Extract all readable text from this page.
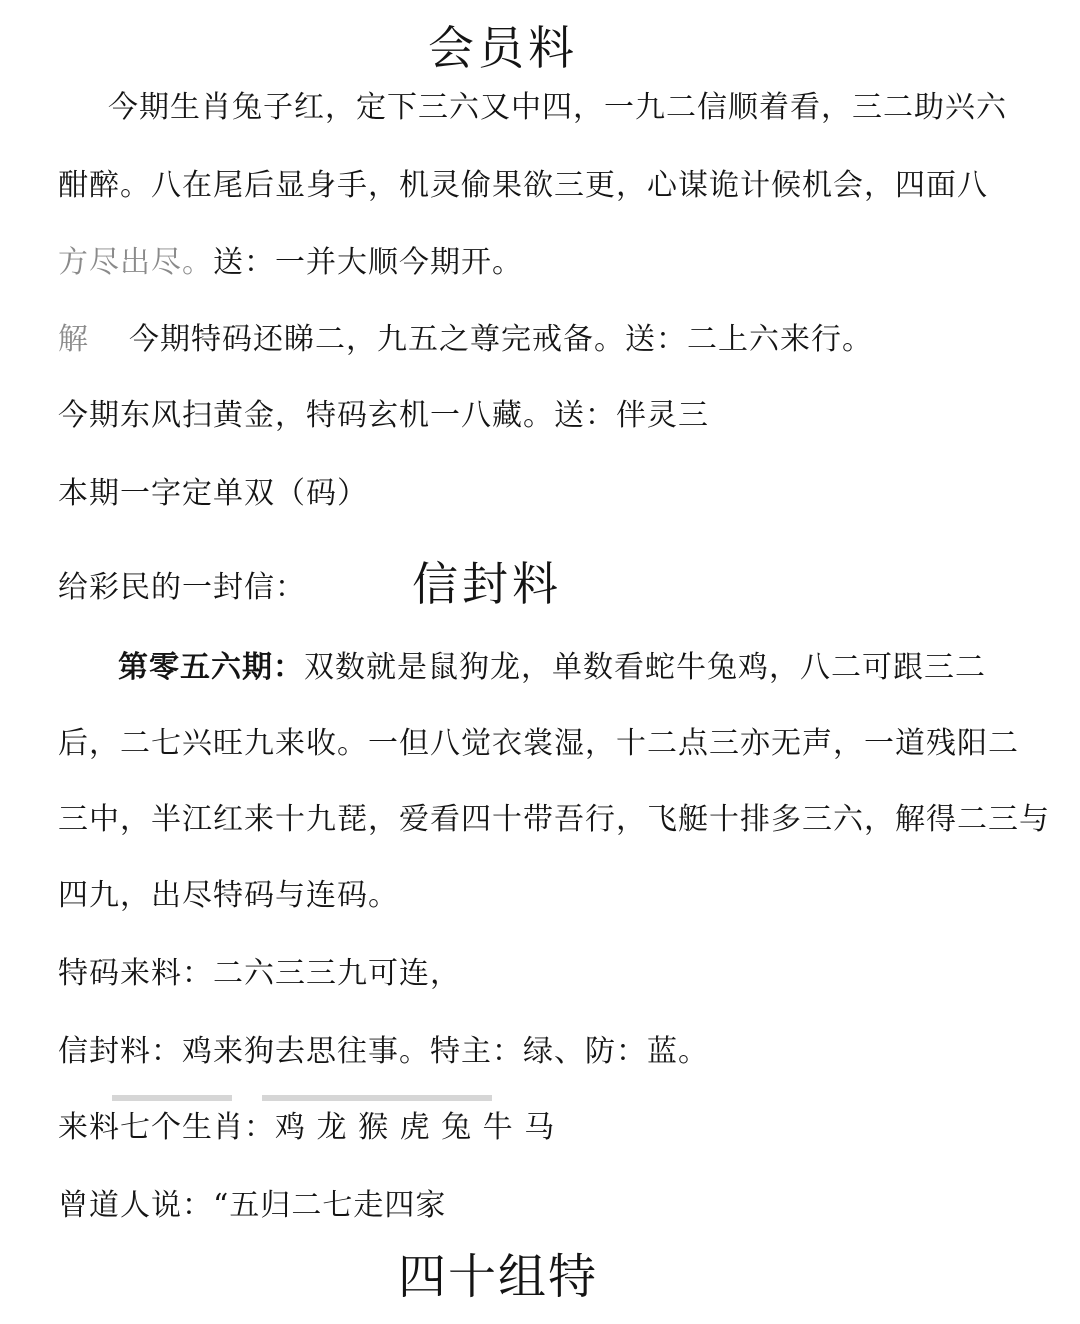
会员料
今期生肖兔子红，定下三六又中四，一九二信顺着看，三二助兴六
酣醉。八在尾后显身手，机灵偷果欲三更，心谋诡计候机会，四面八
方尽出尽。送：一并大顺今期开。
解 今期特码还睇二，九五之尊完戒备。送：二上六来行。
今期东风扫黄金，特码玄机一八藏。送：伴灵三
本期一字定单双（码）
给彩民的一封信： 信封料
第零五六期：双数就是鼠狗龙，单数看蛇牛兔鸡，八二可跟三二
后，二七兴旺九来收。一但八觉衣裳湿，十二点三亦无声，一道残阳二
三中，半江红来十九琵，爱看四十带吾行，飞艇十排多三六，解得二三与
四九，出尽特码与连码。
特码来料：二六三三九可连，
信封料：鸡来狗去思往事。特主：绿、防：蓝。
来料七个生肖：鸡 龙 猴 虎 兔 牛 马
曾道人说：“五归二七走四家
四十组特
